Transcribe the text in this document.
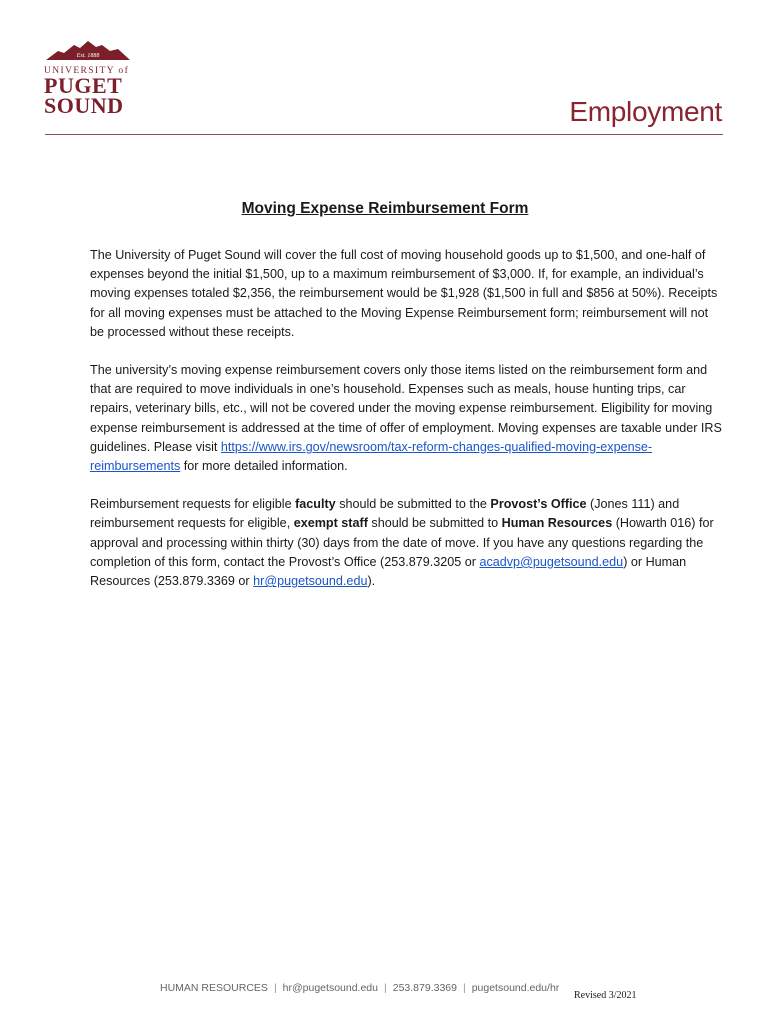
Est. 1888
UNIVERSITY of
PUGET
SOUND	Employment
Moving Expense Reimbursement Form

The University of Puget Sound will cover the full cost of moving household goods up to $1,500, and one-half of expenses beyond the initial $1,500, up to a maximum reimbursement of $3,000. If, for example, an individual’s moving expenses totaled $2,356, the reimbursement would be $1,928 ($1,500 in full and $856 at 50%). Receipts for all moving expenses must be attached to the Moving Expense Reimbursement form; reimbursement will not be processed without these receipts.

The university’s moving expense reimbursement covers only those items listed on the reimbursement form and that are required to move individuals in one’s household. Expenses such as meals, house hunting trips, car repairs, veterinary bills, etc., will not be covered under the moving expense reimbursement. Eligibility for moving expense reimbursement is addressed at the time of offer of employment. Moving expenses are taxable under IRS guidelines. Please visit https://www.irs.gov/newsroom/tax-reform-changes-qualified-moving-expense-reimbursements for more detailed information.

Reimbursement requests for eligible faculty should be submitted to the Provost’s Office (Jones 111) and reimbursement requests for eligible, exempt staff should be submitted to Human Resources (Howarth 016) for approval and processing within thirty (30) days from the date of move. If you have any questions regarding the completion of this form, contact the Provost’s Office (253.879.3205 or acadvp@pugetsound.edu) or Human Resources (253.879.3369 or hr@pugetsound.edu).

HUMAN RESOURCES | hr@pugetsound.edu | 253.879.3369 | pugetsound.edu/hr
Revised 3/2021
